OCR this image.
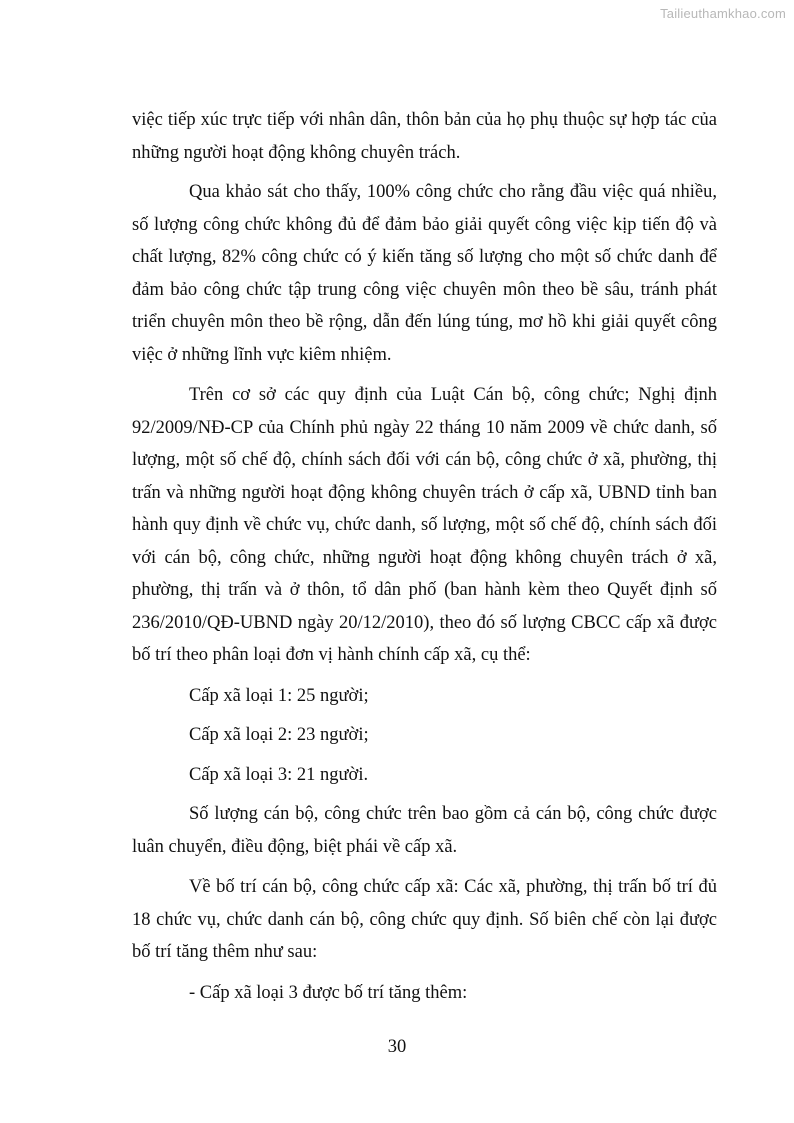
Tailieuthamkhao.com

việc tiếp xúc trực tiếp với nhân dân, thôn bản của họ phụ thuộc sự hợp tác của những người hoạt động không chuyên trách.

Qua khảo sát cho thấy, 100% công chức cho rằng đầu việc quá nhiều, số lượng công chức không đủ để đảm bảo giải quyết công việc kịp tiến độ và chất lượng, 82% công chức có ý kiến tăng số lượng cho một số chức danh để đảm bảo công chức tập trung công việc chuyên môn theo bề sâu, tránh phát triển chuyên môn theo bề rộng, dẫn đến lúng túng, mơ hồ khi giải quyết công việc ở những lĩnh vực kiêm nhiệm.

Trên cơ sở các quy định của Luật Cán bộ, công chức; Nghị định 92/2009/NĐ-CP của Chính phủ ngày 22 tháng 10 năm 2009 về chức danh, số lượng, một số chế độ, chính sách đối với cán bộ, công chức ở xã, phường, thị trấn và những người hoạt động không chuyên trách ở cấp xã, UBND tỉnh ban hành quy định về chức vụ, chức danh, số lượng, một số chế độ, chính sách đối với cán bộ, công chức, những người hoạt động không chuyên trách ở xã, phường, thị trấn và ở thôn, tổ dân phố (ban hành kèm theo Quyết định số 236/2010/QĐ-UBND ngày 20/12/2010), theo đó số lượng CBCC cấp xã được bố trí theo phân loại đơn vị hành chính cấp xã, cụ thể:

Cấp xã loại 1: 25 người;

Cấp xã loại 2: 23 người;

Cấp xã loại 3: 21 người.

Số lượng cán bộ, công chức trên bao gồm cả cán bộ, công chức được luân chuyển, điều động, biệt phái về cấp xã.

Về bố trí cán bộ, công chức cấp xã: Các xã, phường, thị trấn bố trí đủ 18 chức vụ, chức danh cán bộ, công chức quy định. Số biên chế còn lại được bố trí tăng thêm như sau:

- Cấp xã loại 3 được bố trí tăng thêm:

30
